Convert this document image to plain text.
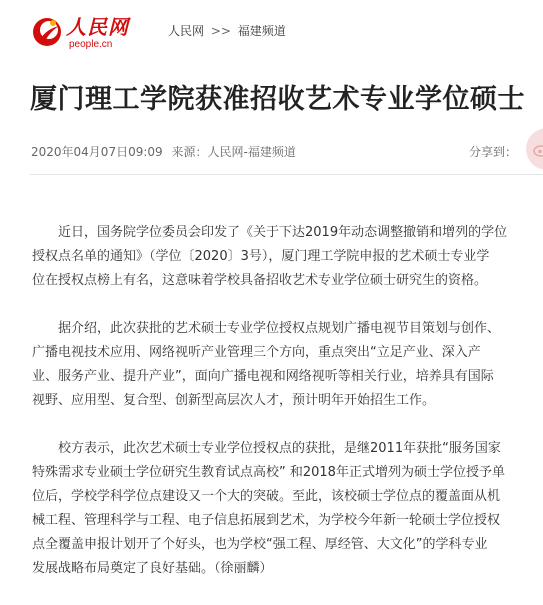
人民网
people.cn
人民网 >> 福建频道
厦门理工学院获准招收艺术专业学位硕士
2020年04月07日09:09 来源：人民网-福建频道	分享到：

近日，国务院学位委员会印发了《关于下达2019年动态调整撤销和增列的学位
授权点名单的通知》（学位〔2020〕3号），厦门理工学院申报的艺术硕士专业学
位在授权点榜上有名，这意味着学校具备招收艺术专业学位硕士研究生的资格。

据介绍，此次获批的艺术硕士专业学位授权点规划广播电视节目策划与创作、
广播电视技术应用、网络视听产业管理三个方向，重点突出“立足产业、深入产
业、服务产业、提升产业”，面向广播电视和网络视听等相关行业，培养具有国际
视野、应用型、复合型、创新型高层次人才，预计明年开始招生工作。

校方表示，此次艺术硕士专业学位授权点的获批，是继2011年获批“服务国家
特殊需求专业硕士学位研究生教育试点高校” 和2018年正式增列为硕士学位授予单
位后，学校学科学位点建设又一个大的突破。至此，该校硕士学位点的覆盖面从机
械工程、管理科学与工程、电子信息拓展到艺术，为学校今年新一轮硕士学位授权
点全覆盖申报计划开了个好头，也为学校“强工程、厚经管、大文化”的学科专业
发展战略布局奠定了良好基础。（徐丽麟）
